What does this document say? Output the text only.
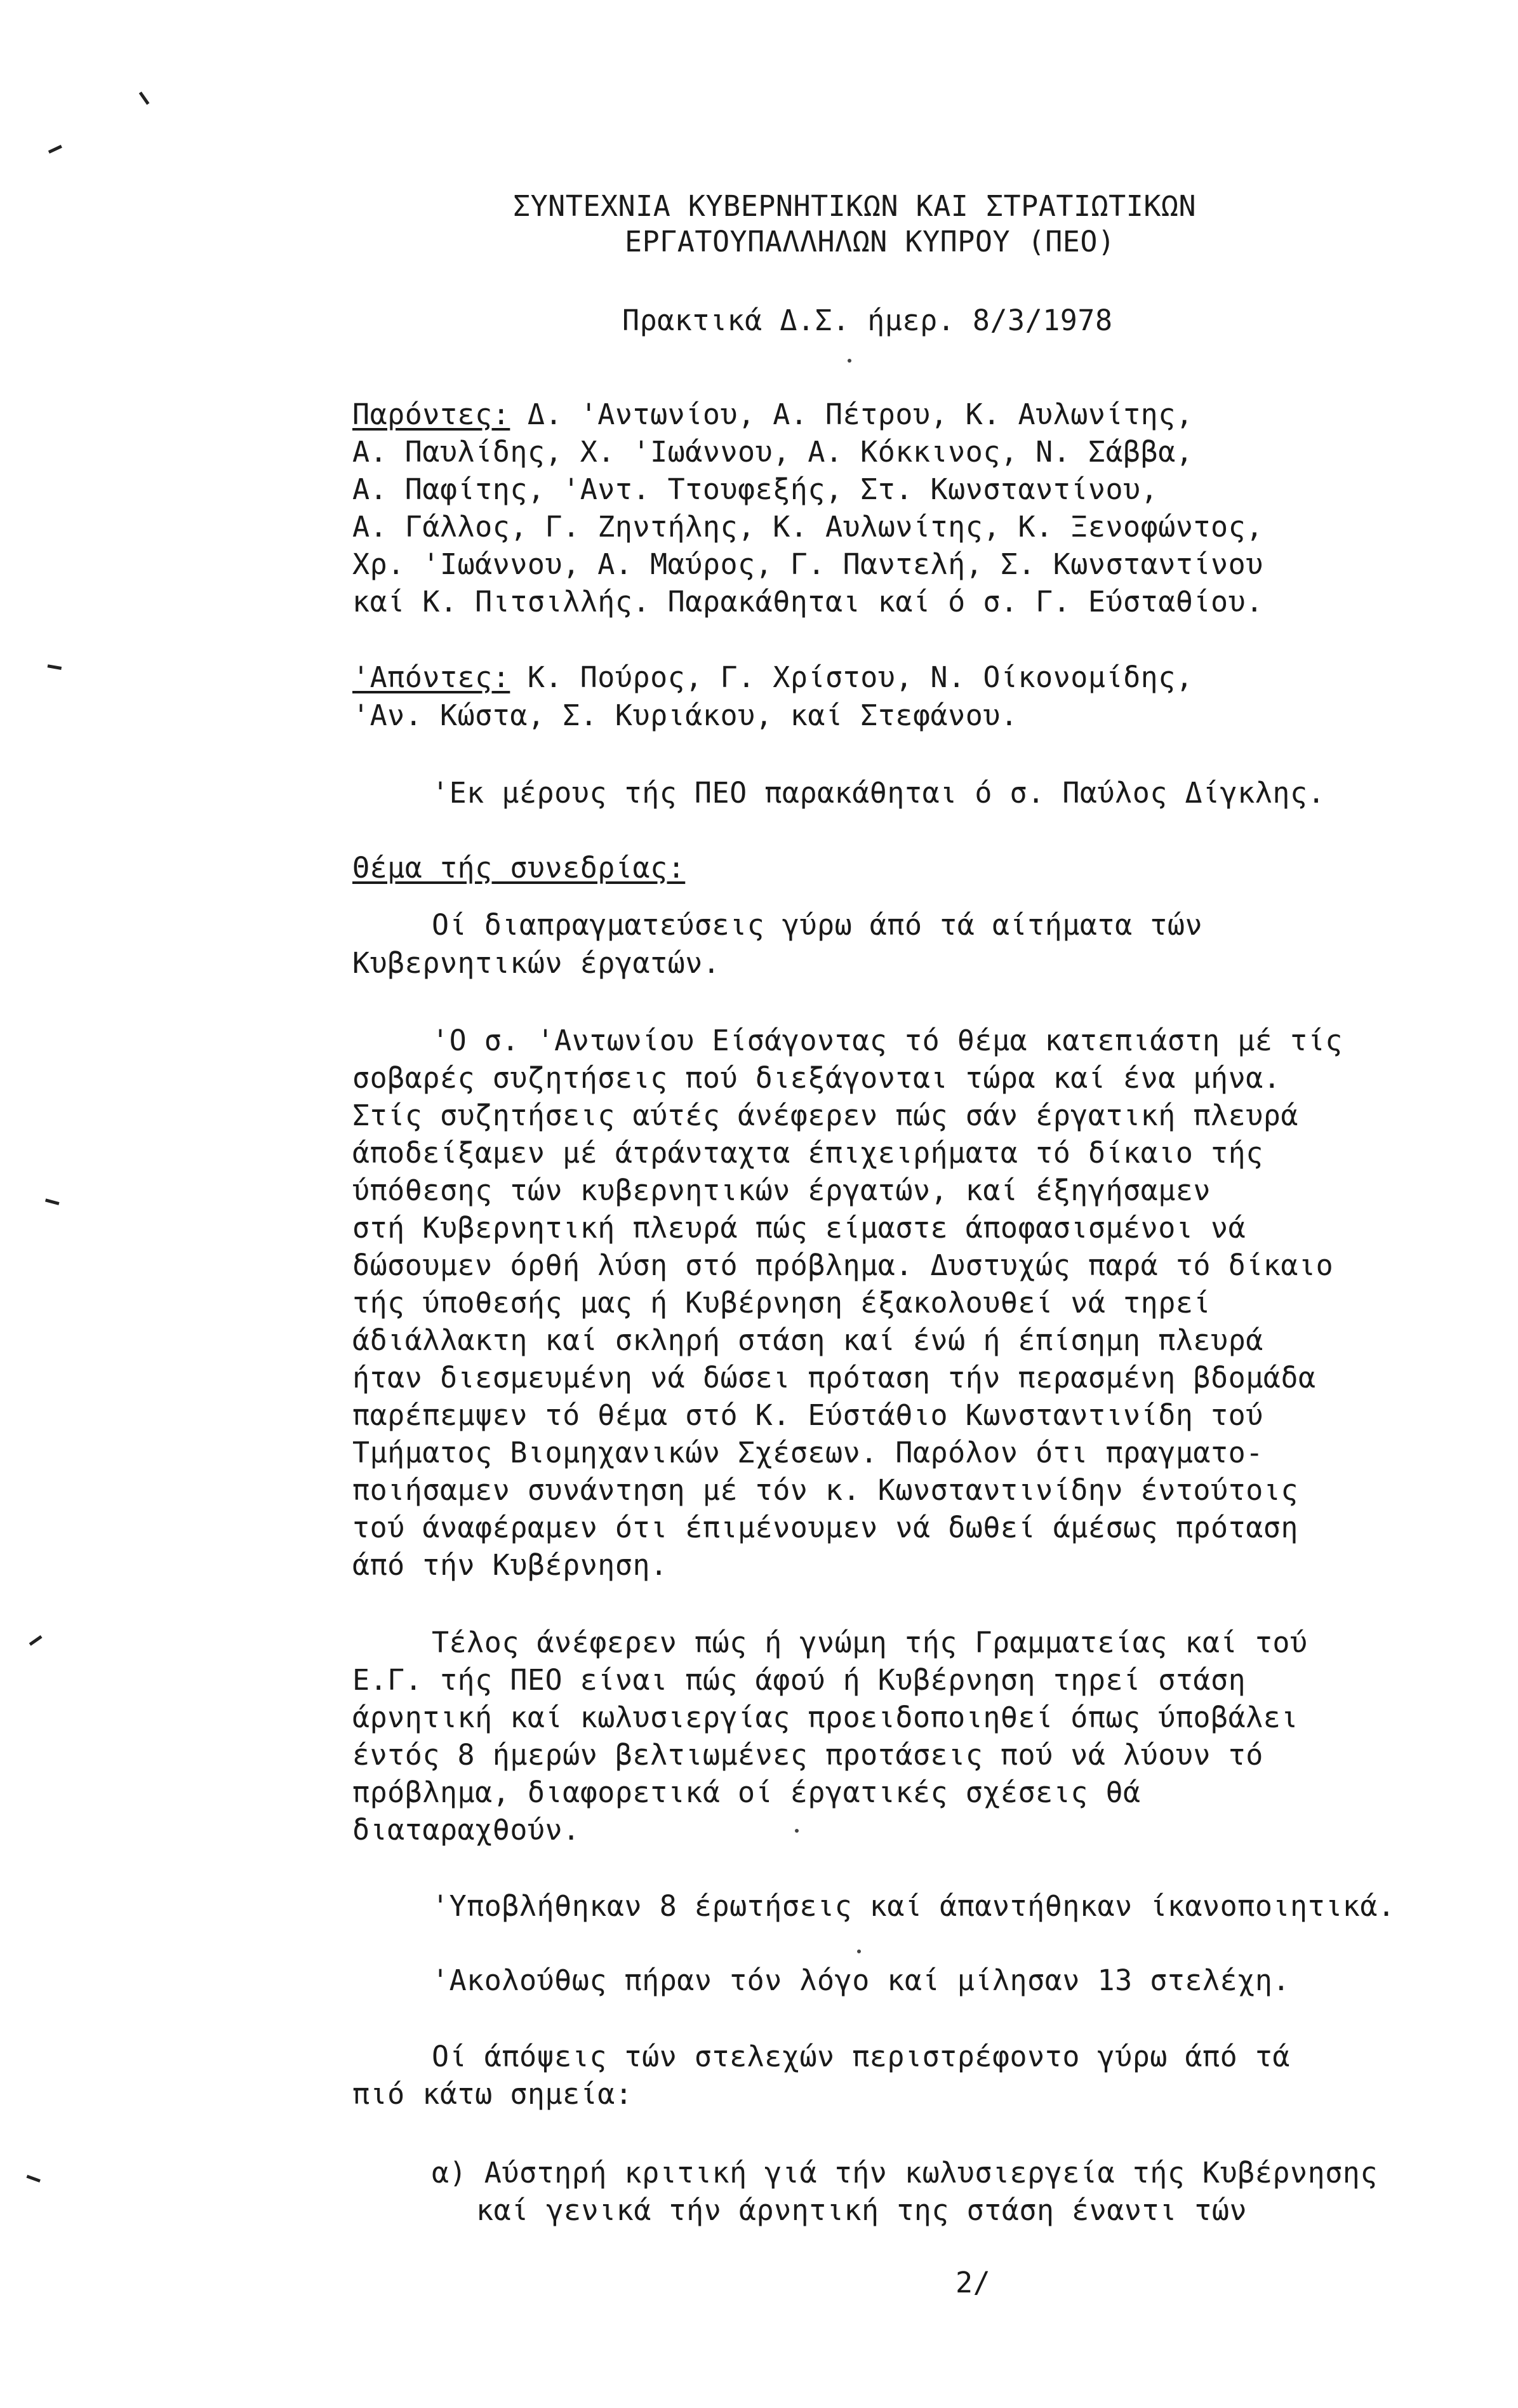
ΣΥΝΤΕΧΝΙΑ ΚΥΒΕΡΝΗΤΙΚΩΝ ΚΑΙ ΣΤΡΑΤΙΩΤΙΚΩΝ
ΕΡΓΑΤΟΥΠΑΛΛΗΛΩΝ ΚΥΠΡΟΥ (ΠΕΟ)
Πρακτικά Δ.Σ. ήμερ. 8/3/1978
Παρόντες: Δ. 'Αντωνίου, Α. Πέτρου, Κ. Αυλωνίτης,
Α. Παυλίδης, Χ. 'Ιωάννου, Α. Κόκκινος, Ν. Σάββα,
Α. Παφίτης, 'Αντ. Ττουφεξής, Στ. Κωνσταντίνου,
Α. Γάλλος, Γ. Ζηντήλης, Κ. Αυλωνίτης, Κ. Ξενοφώντος,
Χρ. 'Ιωάννου, Α. Μαύρος, Γ. Παντελή, Σ. Κωνσταντίνου
καί Κ. Πιτσιλλής. Παρακάθηται καί ό σ. Γ. Εύσταθίου.
'Απόντες: Κ. Πούρος, Γ. Χρίστου, Ν. Οίκονομίδης,
'Αν. Κώστα, Σ. Κυριάκου, καί Στεφάνου.
'Εκ μέρους τής ΠΕΟ παρακάθηται ό σ. Παύλος Δίγκλης.
Θέμα τής συνεδρίας:
Οί διαπραγματεύσεις γύρω άπό τά αίτήματα τών
Κυβερνητικών έργατών.
'Ο σ. 'Αντωνίου Είσάγοντας τό θέμα κατεπιάστη μέ τίς
σοβαρές συζητήσεις πού διεξάγονται τώρα καί ένα μήνα.
Στίς συζητήσεις αύτές άνέφερεν πώς σάν έργατική πλευρά
άποδείξαμεν μέ άτράνταχτα έπιχειρήματα τό δίκαιο τής
ύπόθεσης τών κυβερνητικών έργατών, καί έξηγήσαμεν
στή Κυβερνητική πλευρά πώς είμαστε άποφασισμένοι νά
δώσουμεν όρθή λύση στό πρόβλημα. Δυστυχώς παρά τό δίκαιο
τής ύποθεσής μας ή Κυβέρνηση έξακολουθεί νά τηρεί
άδιάλλακτη καί σκληρή στάση καί ένώ ή έπίσημη πλευρά
ήταν διεσμευμένη νά δώσει πρόταση τήν περασμένη βδομάδα
παρέπεμψεν τό θέμα στό Κ. Εύστάθιο Κωνσταντινίδη τού
Τμήματος Βιομηχανικών Σχέσεων. Παρόλον ότι πραγματο-
ποιήσαμεν συνάντηση μέ τόν κ. Κωνσταντινίδην έντούτοις
τού άναφέραμεν ότι έπιμένουμεν νά δωθεί άμέσως πρόταση
άπό τήν Κυβέρνηση.
Τέλος άνέφερεν πώς ή γνώμη τής Γραμματείας καί τού
Ε.Γ. τής ΠΕΟ είναι πώς άφού ή Κυβέρνηση τηρεί στάση
άρνητική καί κωλυσιεργίας προειδοποιηθεί όπως ύποβάλει
έντός 8 ήμερών βελτιωμένες προτάσεις πού νά λύουν τό
πρόβλημα, διαφορετικά οί έργατικές σχέσεις θά
διαταραχθούν.
'Υποβλήθηκαν 8 έρωτήσεις καί άπαντήθηκαν ίκανοποιητικά.
'Ακολούθως πήραν τόν λόγο καί μίλησαν 13 στελέχη.
Οί άπόψεις τών στελεχών περιστρέφοντο γύρω άπό τά
πιό κάτω σημεία:
α) Αύστηρή κριτική γιά τήν κωλυσιεργεία τής Κυβέρνησης
καί γενικά τήν άρνητική της στάση έναντι τών
2/
